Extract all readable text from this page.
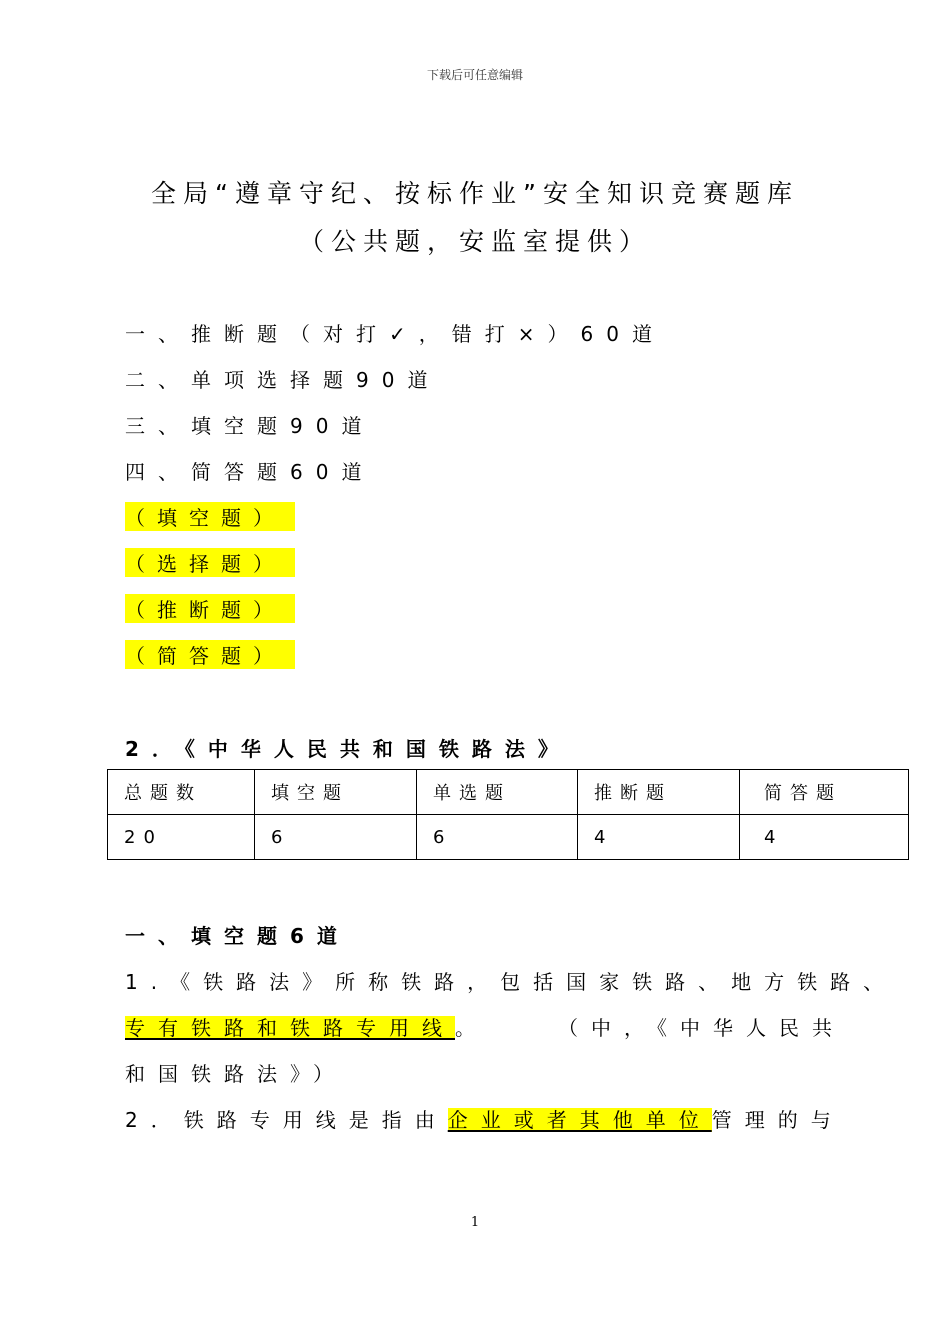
下载后可任意编辑
全局“遵章守纪、按标作业”安全知识竞赛题库
（公共题，安监室提供）
一、推断题（对打✓，错打×）60道
二、单项选择题90道
三、填空题90道
四、简答题60道
（填空题）
（选择题）
（推断题）
（简答题）
2．《中华人民共和国铁路法》
总题数	填空题	单选题	推断题	简答题
20	6	6	4	4
一、填空题6道
1.《铁路法》所称铁路，包括国家铁路、地方铁路、
专有铁路和铁路专用线。	（中，《中华人民共
和国铁路法》）
2．铁路专用线是指由企业或者其他单位管理的与
1
